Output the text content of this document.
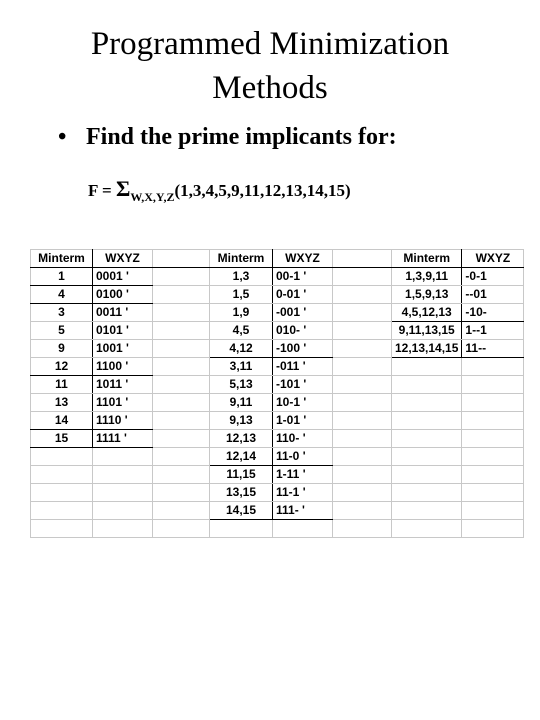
Programmed Minimization
Methods
• Find the prime implicants for:
$F = \Sigma_{W,X,Y,Z}(1,3,4,5,9,11,12,13,14,15)$
Minterm	WXYZ		Minterm	WXYZ		Minterm	WXYZ
1	0001 '		1,3	00-1 '		1,3,9,11	-0-1
4	0100 '		1,5	0-01 '		1,5,9,13	--01
3	0011 '		1,9	-001 '		4,5,12,13	-10-
5	0101 '		4,5	010- '		9,11,13,15	1--1
9	1001 '		4,12	-100 '		12,13,14,15	11--
12	1100 '		3,11	-011 '			
11	1011 '		5,13	-101 '			
13	1101 '		9,11	10-1 '			
14	1110 '		9,13	1-01 '			
15	1111 '		12,13	110- '			
			12,14	11-0 '			
			11,15	1-11 '			
			13,15	11-1 '			
			14,15	111- '			
